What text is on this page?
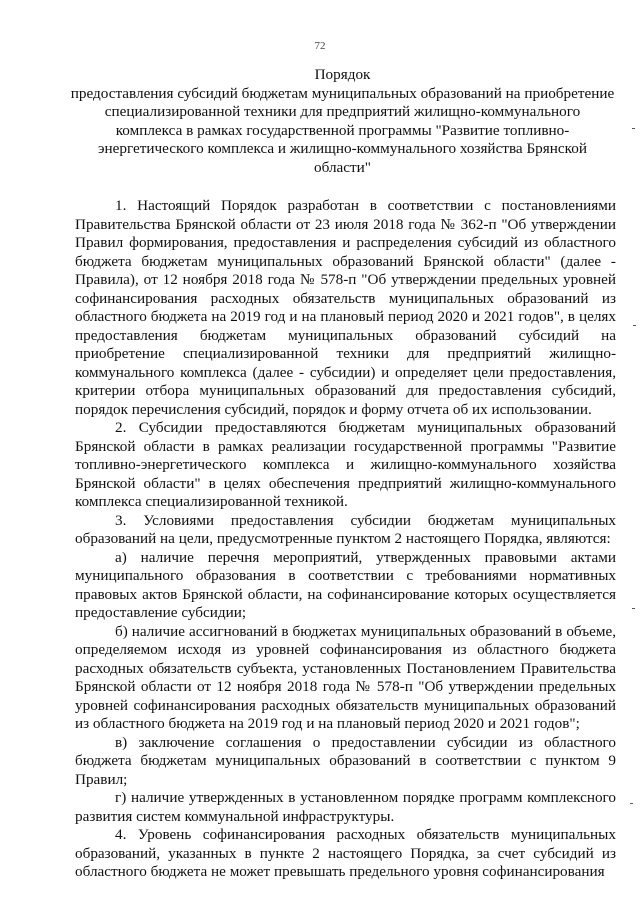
72
Порядок
предоставления субсидий бюджетам муниципальных образований на приобретение специализированной техники для предприятий жилищно-коммунального комплекса в рамках государственной программы "Развитие топливно-энергетического комплекса и жилищно-коммунального хозяйства Брянской области"

1. Настоящий Порядок разработан в соответствии с постановлениями Правительства Брянской области от 23 июля 2018 года № 362-п "Об утверждении Правил формирования, предоставления и распределения субсидий из областного бюджета бюджетам муниципальных образований Брянской области" (далее - Правила), от 12 ноября 2018 года № 578-п "Об утверждении предельных уровней софинансирования расходных обязательств муниципальных образований из областного бюджета на 2019 год и на плановый период 2020 и 2021 годов", в целях предоставления бюджетам муниципальных образований субсидий на приобретение специализированной техники для предприятий жилищно-коммунального комплекса (далее - субсидии) и определяет цели предоставления, критерии отбора муниципальных образований для предоставления субсидий, порядок перечисления субсидий, порядок и форму отчета об их использовании.

2. Субсидии предоставляются бюджетам муниципальных образований Брянской области в рамках реализации государственной программы "Развитие топливно-энергетического комплекса и жилищно-коммунального хозяйства Брянской области" в целях обеспечения предприятий жилищно-коммунального комплекса специализированной техникой.

3. Условиями предоставления субсидии бюджетам муниципальных образований на цели, предусмотренные пунктом 2 настоящего Порядка, являются:

а) наличие перечня мероприятий, утвержденных правовыми актами муниципального образования в соответствии с требованиями нормативных правовых актов Брянской области, на софинансирование которых осуществляется предоставление субсидии;

б) наличие ассигнований в бюджетах муниципальных образований в объеме, определяемом исходя из уровней софинансирования из областного бюджета расходных обязательств субъекта, установленных Постановлением Правительства Брянской области от 12 ноября 2018 года № 578-п "Об утверждении предельных уровней софинансирования расходных обязательств муниципальных образований из областного бюджета на 2019 год и на плановый период 2020 и 2021 годов";

в) заключение соглашения о предоставлении субсидии из областного бюджета бюджетам муниципальных образований в соответствии с пунктом 9 Правил;

г) наличие утвержденных в установленном порядке программ комплексного развития систем коммунальной инфраструктуры.

4. Уровень софинансирования расходных обязательств муниципальных образований, указанных в пункте 2 настоящего Порядка, за счет субсидий из областного бюджета не может превышать предельного уровня софинансирования
